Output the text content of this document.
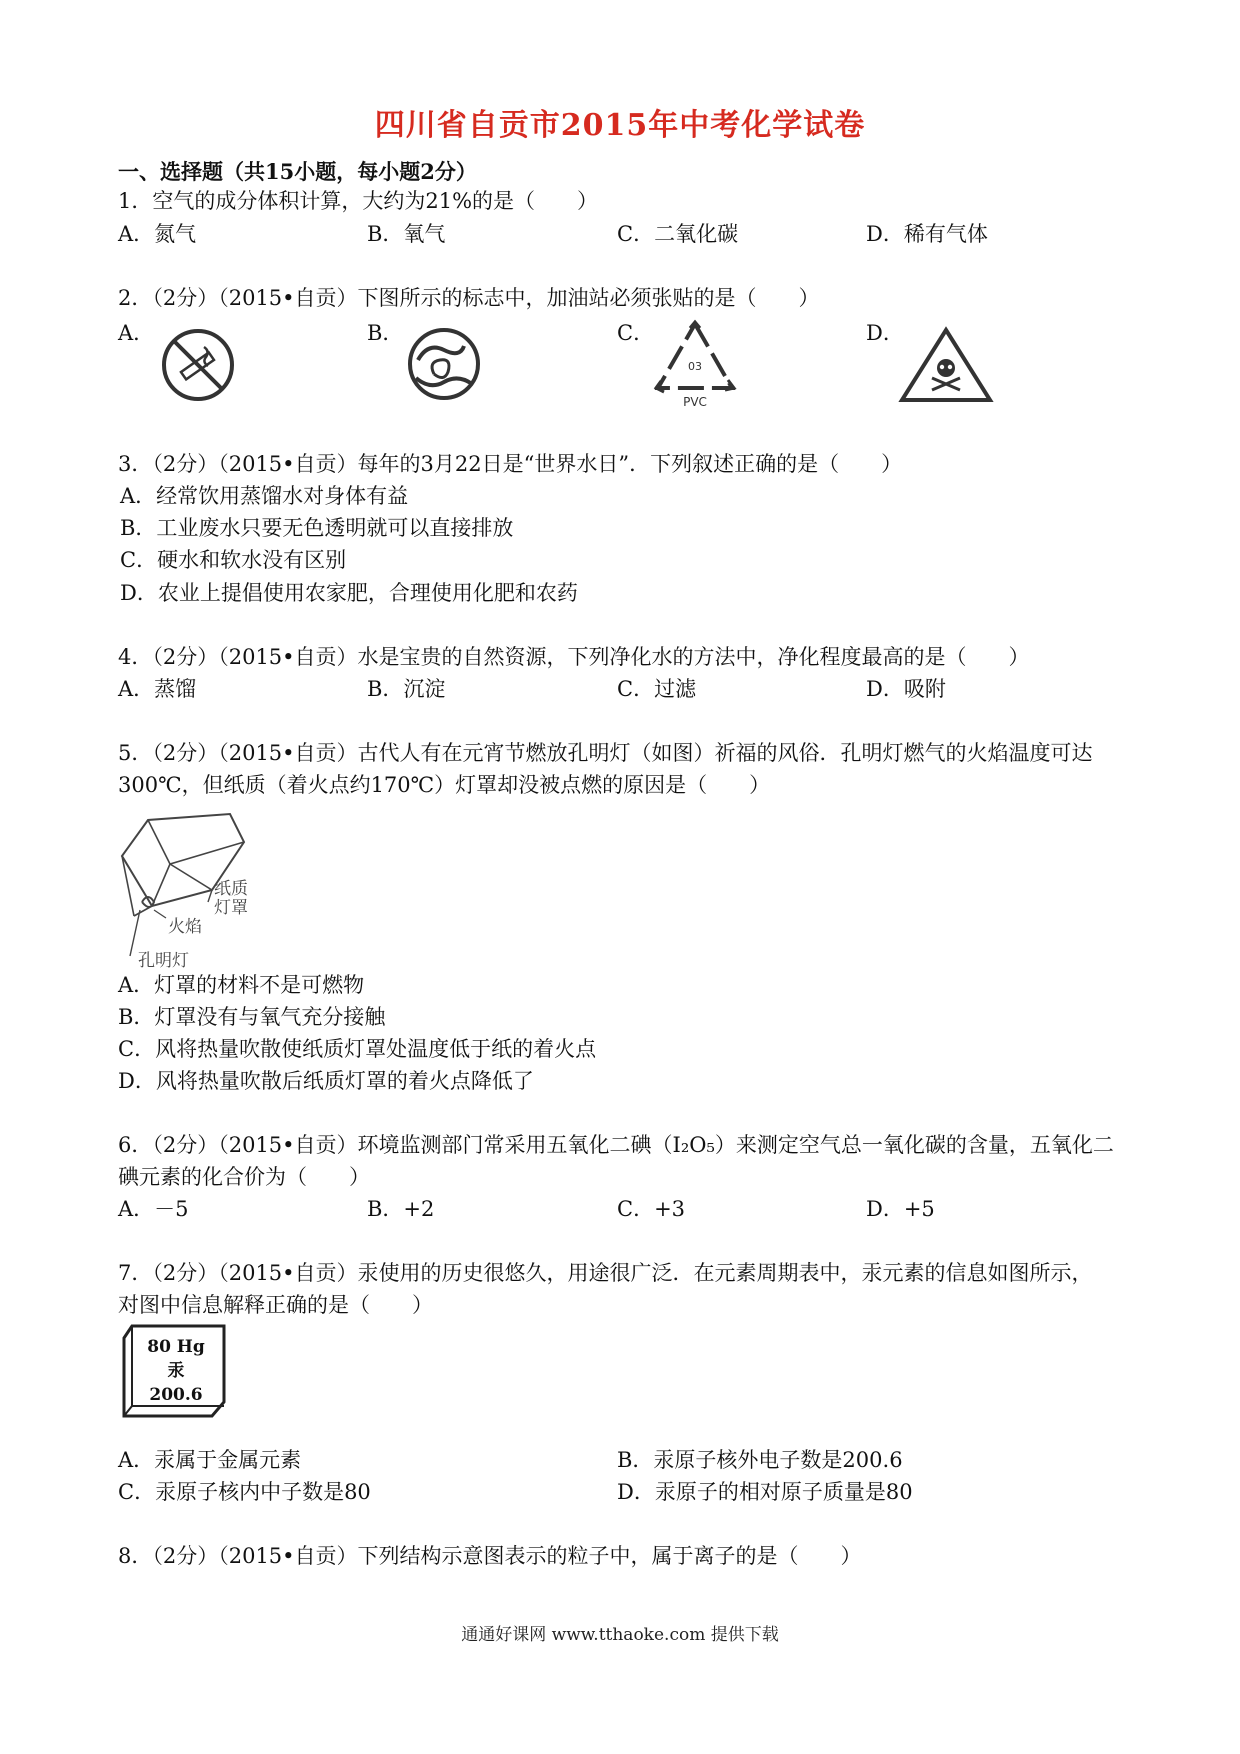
四川省自贡市2015年中考化学试卷
一、选择题（共15小题，每小题2分）
1．空气的成分体积计算，大约为21%的是（　　）
A．氮气	B．氧气	C．二氧化碳	D．稀有气体
2．（2分）（2015•自贡）下图所示的标志中，加油站必须张贴的是（　　）
A．	B．	C．	D．
03
PVC
3．（2分）（2015•自贡）每年的3月22日是“世界水日”．下列叙述正确的是（　　）
A．经常饮用蒸馏水对身体有益
B．工业废水只要无色透明就可以直接排放
C．硬水和软水没有区别
D．农业上提倡使用农家肥，合理使用化肥和农药
4．（2分）（2015•自贡）水是宝贵的自然资源，下列净化水的方法中，净化程度最高的是（　　）
A．蒸馏	B．沉淀	C．过滤	D．吸附
5．（2分）（2015•自贡）古代人有在元宵节燃放孔明灯（如图）祈福的风俗．孔明灯燃气的火焰温度可达
300℃，但纸质（着火点约170℃）灯罩却没被点燃的原因是（　　）
纸质
灯罩
火焰
孔明灯
A．灯罩的材料不是可燃物
B．灯罩没有与氧气充分接触
C．风将热量吹散使纸质灯罩处温度低于纸的着火点
D．风将热量吹散后纸质灯罩的着火点降低了
6．（2分）（2015•自贡）环境监测部门常采用五氧化二碘（I₂O₅）来测定空气总一氧化碳的含量，五氧化二
碘元素的化合价为（　　）
A．－5	B．+2	C．+3	D．+5
7．（2分）（2015•自贡）汞使用的历史很悠久，用途很广泛．在元素周期表中，汞元素的信息如图所示，
对图中信息解释正确的是（　　）
80 Hg
汞
200.6
A．汞属于金属元素	B．汞原子核外电子数是200.6
C．汞原子核内中子数是80	D．汞原子的相对原子质量是80
8．（2分）（2015•自贡）下列结构示意图表示的粒子中，属于离子的是（　　）
通通好课网 www.tthaoke.com 提供下载
